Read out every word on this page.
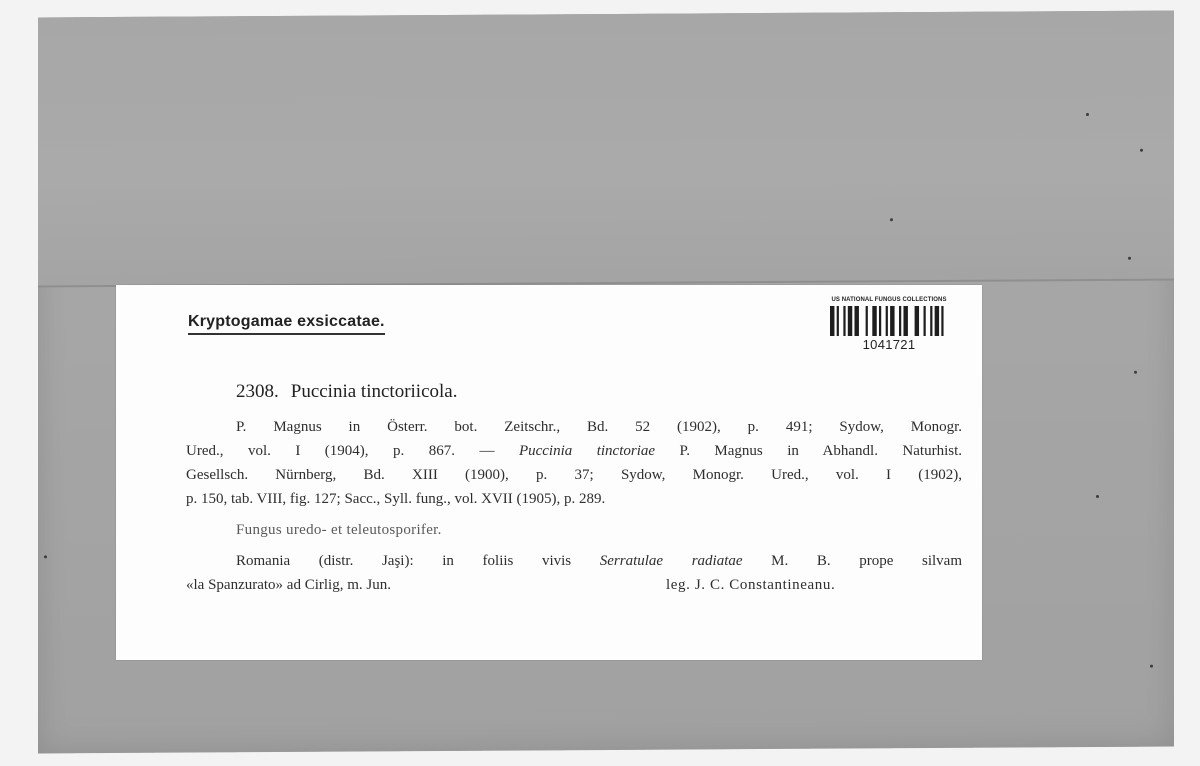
Kryptogamae exsiccatae.
US NATIONAL FUNGUS COLLECTIONS
1041721
2308. Puccinia tinctoriicola.
P. Magnus in Österr. bot. Zeitschr., Bd. 52 (1902), p. 491; Sydow, Monogr.
Ured., vol. I (1904), p. 867. — Puccinia tinctoriae P. Magnus in Abhandl. Naturhist.
Gesellsch. Nürnberg, Bd. XIII (1900), p. 37; Sydow, Monogr. Ured., vol. I (1902),
p. 150, tab. VIII, fig. 127; Sacc., Syll. fung., vol. XVII (1905), p. 289.
Fungus uredo- et teleutosporifer.
Romania (distr. Jaşi): in foliis vivis Serratulae radiatae M. B. prope silvam
«la Spanzurato» ad Cirlig, m. Jun.	leg. J. C. Constantineanu.
